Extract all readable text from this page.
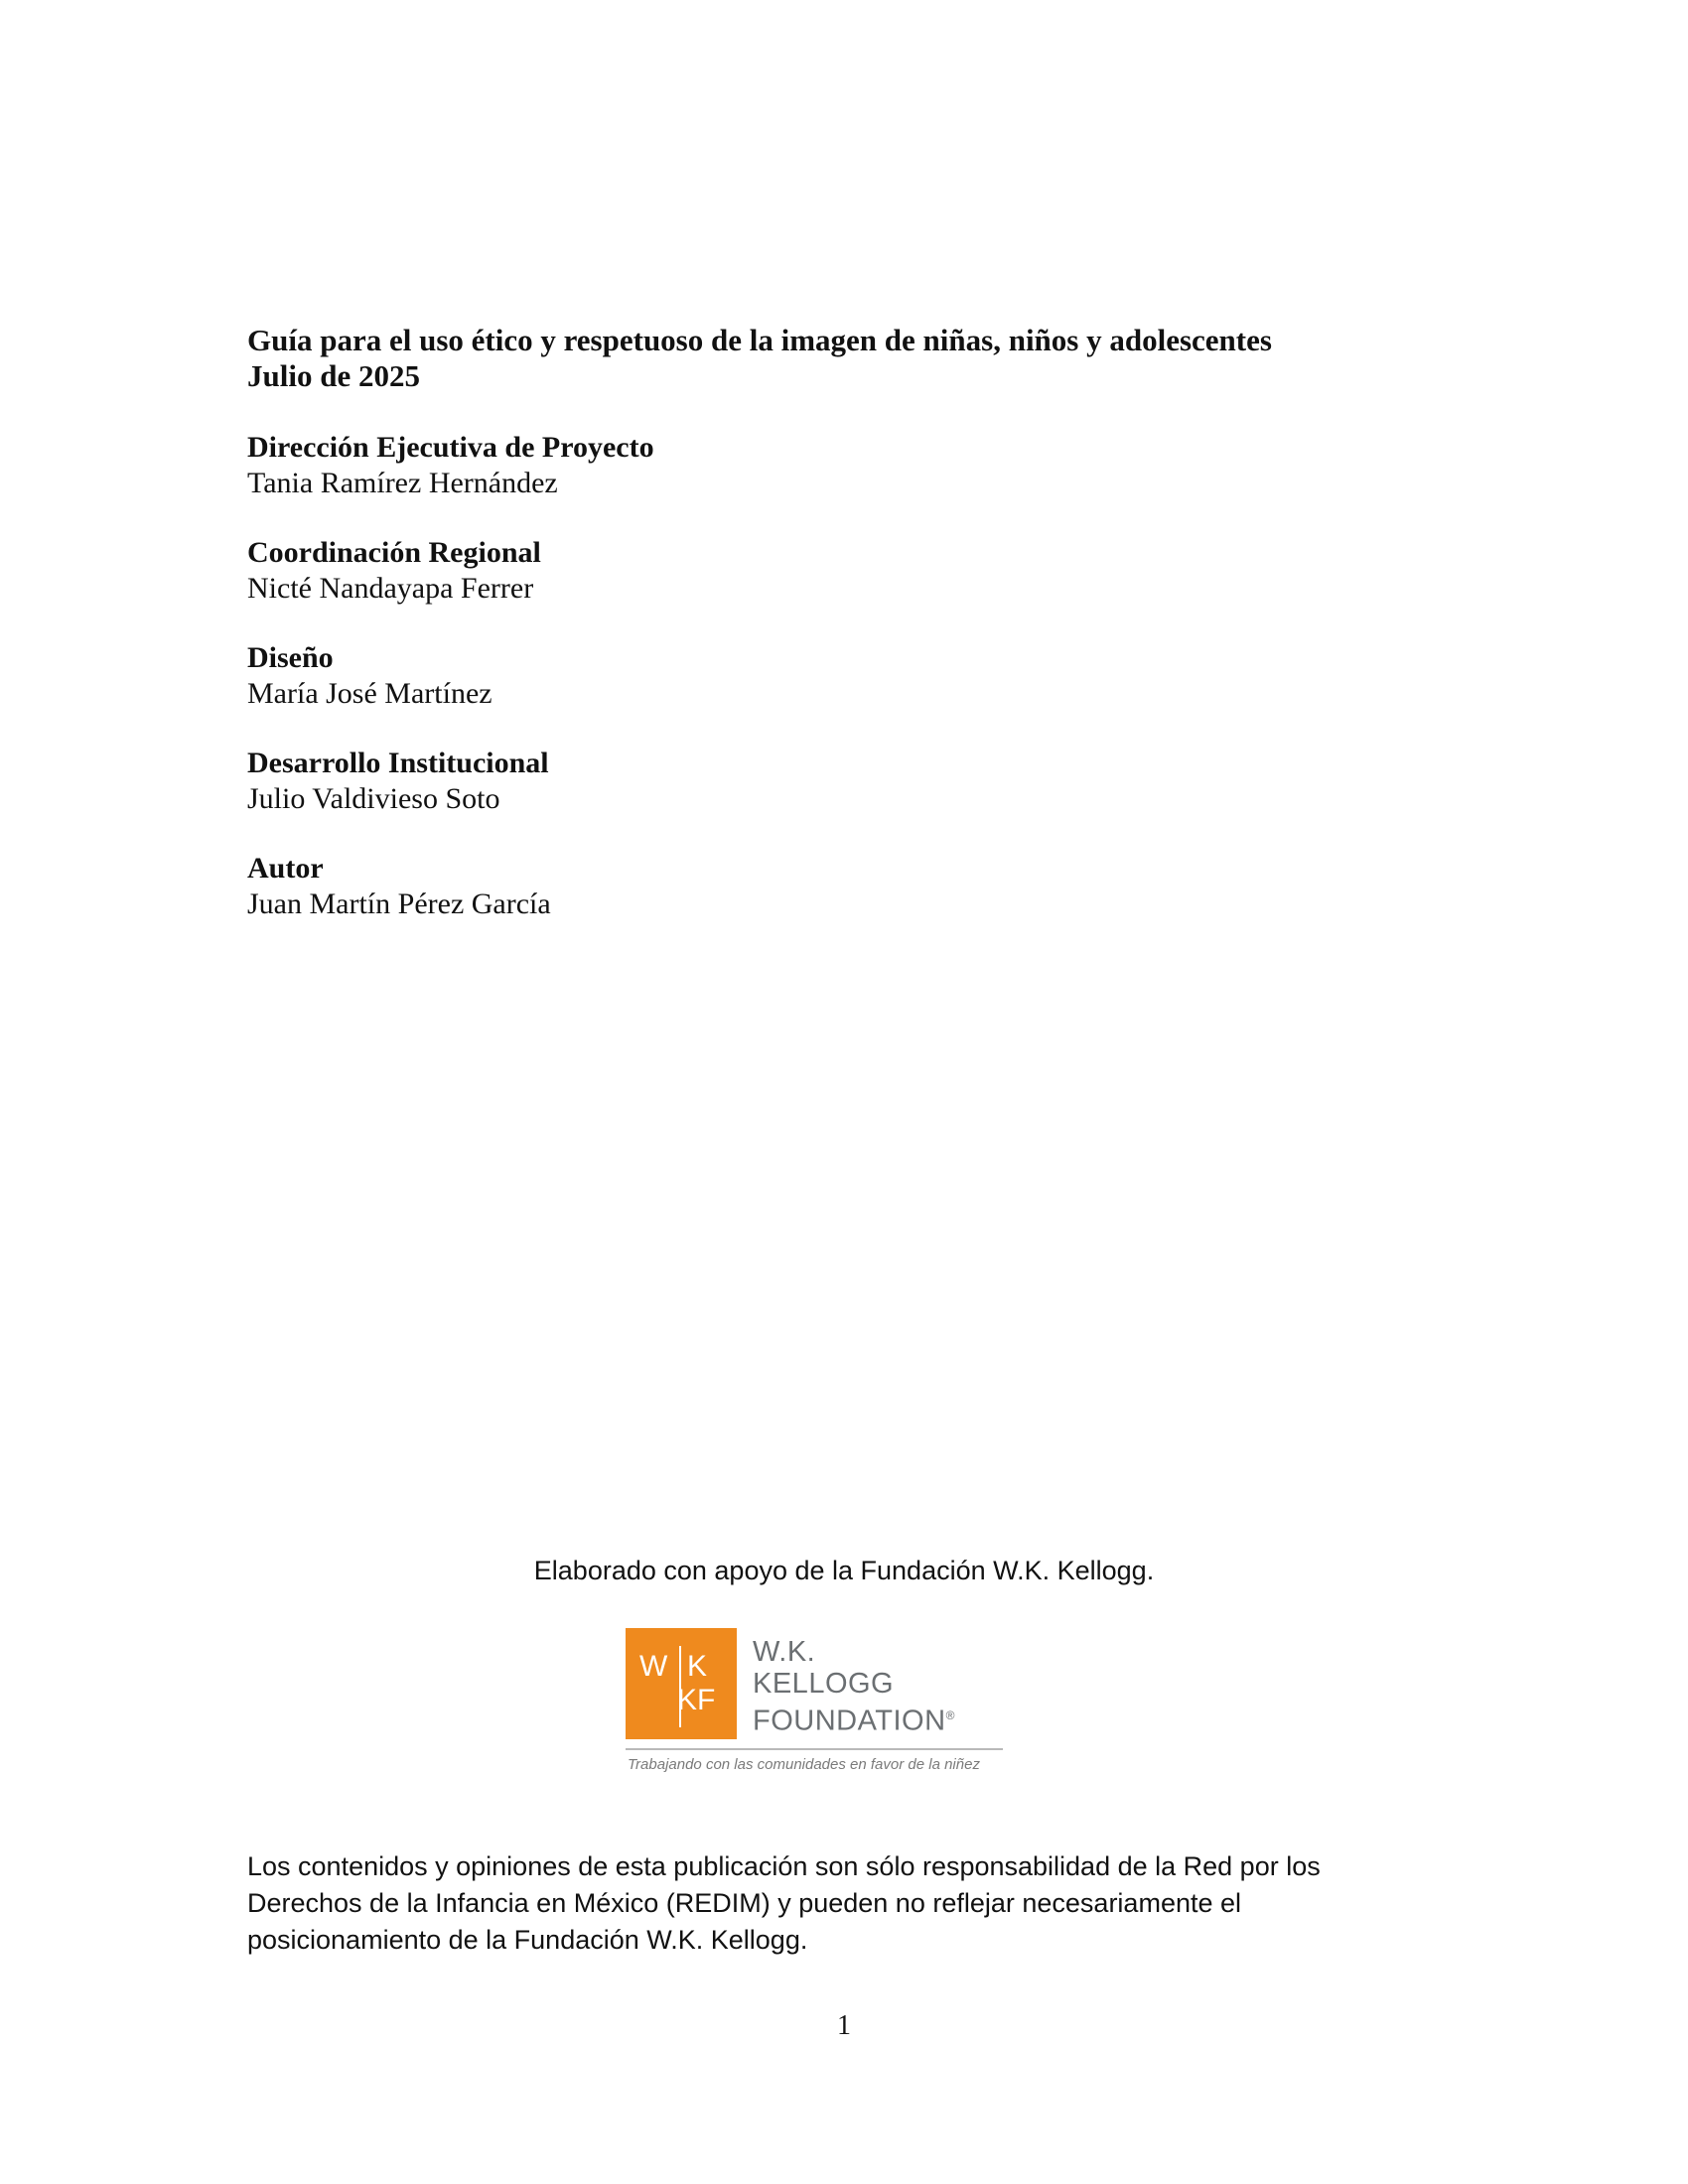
Guía para el uso ético y respetuoso de la imagen de niñas, niños y adolescentes
Julio de 2025
Dirección Ejecutiva de Proyecto
Tania Ramírez Hernández
Coordinación Regional
Nicté Nandayapa Ferrer
Diseño
María José Martínez
Desarrollo Institucional
Julio Valdivieso Soto
Autor
Juan Martín Pérez García
Elaborado con apoyo de la Fundación W.K. Kellogg.
W K
KF
W.K.
KELLOGG
FOUNDATION®
Trabajando con las comunidades en favor de la niñez
Los contenidos y opiniones de esta publicación son sólo responsabilidad de la Red por los
Derechos de la Infancia en México (REDIM) y pueden no reflejar necesariamente el
posicionamiento de la Fundación W.K. Kellogg.
1
